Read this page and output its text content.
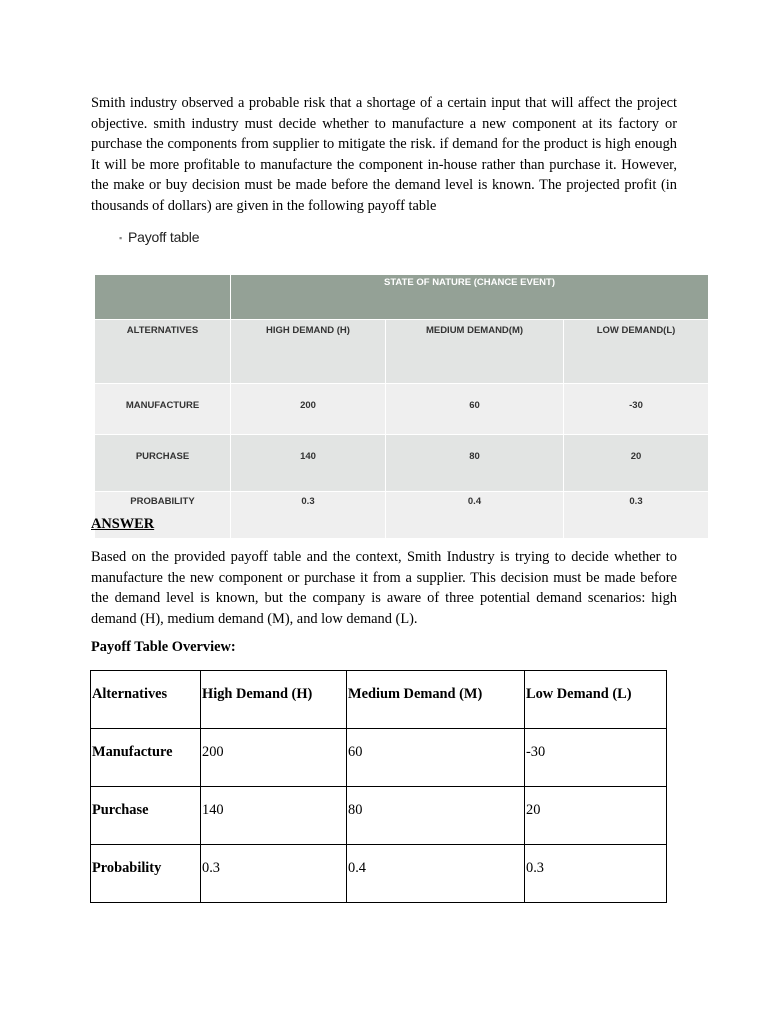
Smith industry observed a probable risk that a shortage of a certain input that will affect the project objective. smith industry must decide whether to manufacture a new component at its factory or purchase the components from supplier to mitigate the risk. if demand for the product is high enough It will be more profitable to manufacture the component in-house rather than purchase it. However, the make or buy decision must be made before the demand level is known. The projected profit (in thousands of dollars) are given in the following payoff table

▪ Payoff table
	STATE OF NATURE (CHANCE EVENT)		
ALTERNATIVES	HIGH DEMAND (H)	MEDIUM DEMAND(M)	LOW DEMAND(L)
MANUFACTURE	200	60	-30
PURCHASE	140	80	20
PROBABILITY	0.3	0.4	0.3
ANSWER

Based on the provided payoff table and the context, Smith Industry is trying to decide whether to manufacture the new component or purchase it from a supplier. This decision must be made before the demand level is known, but the company is aware of three potential demand scenarios: high demand (H), medium demand (M), and low demand (L).

Payoff Table Overview:
Alternatives	High Demand (H)	Medium Demand (M)	Low Demand (L)
Manufacture	200	60	-30
Purchase	140	80	20
Probability	0.3	0.4	0.3
